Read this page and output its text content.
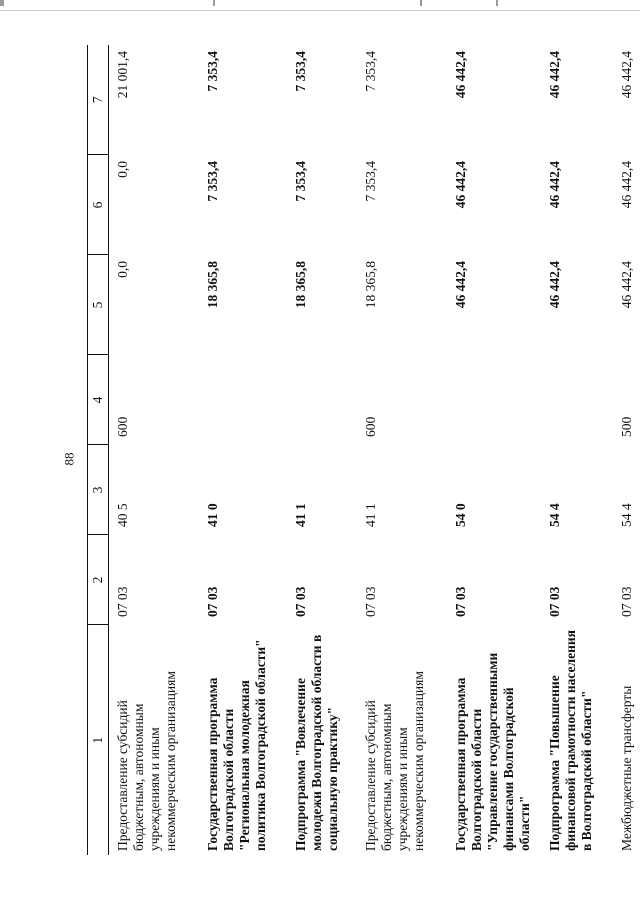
88
1	2	3	4	5	6	7
Предоставление субсидий бюджетным, автономным учреждениям и иным некоммерческим организациям	07 03	40 5	600	0,0	0,0	21 001,4
Государственная программа Волгоградской области "Региональная молодежная политика Волгоградской области"	07 03	41 0		18 365,8	7 353,4	7 353,4
Подпрограмма "Вовлечение молодежи Волгоградской области в социальную практику"	07 03	41 1		18 365,8	7 353,4	7 353,4
Предоставление субсидий бюджетным, автономным учреждениям и иным некоммерческим организациям	07 03	41 1	600	18 365,8	7 353,4	7 353,4
Государственная программа Волгоградской области "Управление государственными финансами Волгоградской области"	07 03	54 0		46 442,4	46 442,4	46 442,4
Подпрограмма "Повышение финансовой грамотности населения в Волгоградской области"	07 03	54 4		46 442,4	46 442,4	46 442,4
Межбюджетные трансферты	07 03	54 4	500	46 442,4	46 442,4	46 442,4
